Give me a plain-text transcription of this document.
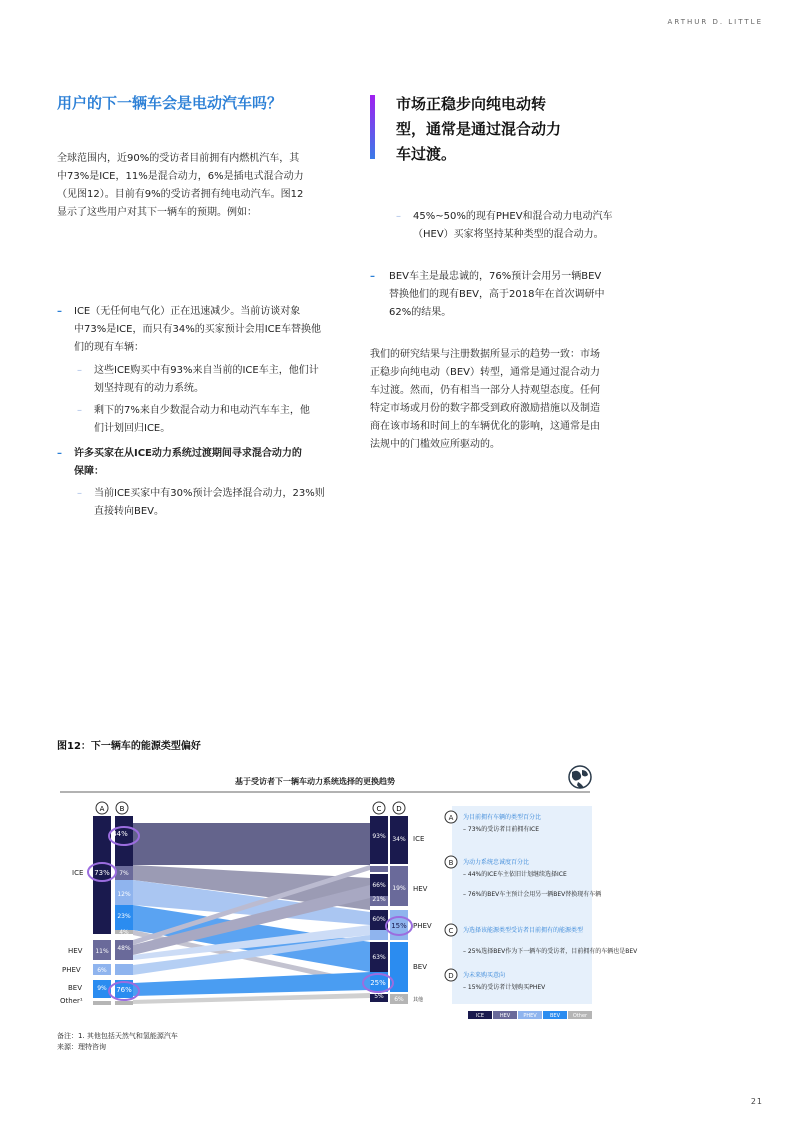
ARTHUR D. LITTLE
用户的下一辆车会是电动汽车吗？
全球范围内，近90%的受访者目前拥有内燃机汽车，其
中73%是ICE，11%是混合动力，6%是插电式混合动力
（见图12）。目前有9%的受访者拥有纯电动汽车。图12
显示了这些用户对其下一辆车的预期。例如：
– ICE（无任何电气化）正在迅速减少。当前访谈对象
中73%是ICE，而只有34%的买家预计会用ICE车替换他
们的现有车辆：
– 这些ICE购买中有93%来自当前的ICE车主，他们计
划坚持现有的动力系统。
– 剩下的7%来自少数混合动力和电动汽车车主，他
们计划回归ICE。
– 许多买家在从ICE动力系统过渡期间寻求混合动力的
保障：
– 当前ICE买家中有30%预计会选择混合动力，23%则
直接转向BEV。
市场正稳步向纯电动转
型，通常是通过混合动力
车过渡。
– 45%~50%的现有PHEV和混合动力电动汽车
（HEV）买家将坚持某种类型的混合动力。
– BEV车主是最忠诚的，76%预计会用另一辆BEV
替换他们的现有BEV，高于2018年在首次调研中
62%的结果。
我们的研究结果与注册数据所显示的趋势一致：市场
正稳步向纯电动（BEV）转型，通常是通过混合动力
车过渡。然而，仍有相当一部分人持观望态度。任何
特定市场或月份的数字都受到政府激励措施以及制造
商在该市场和时间上的车辆优化的影响，这通常是由
法规中的门槛效应所驱动的。
图12：下一辆车的能源类型偏好
基于受访者下一辆车动力系统选择的更换趋势
A B	C D
ICE
HEV
PHEV
BEV
Other¹
73%
11%
6%
9%
44%
7%
12%
23%
4%
48%
76%
93%
66%
21%
60%
63%
5%
34%
19%
15%
6%
25%
ICE
HEV
PHEV
BEV
其他
A 为目前拥有车辆的类型百分比
– 73%的受访者目前拥有ICE
B 为动力系统忠诚度百分比
– 44%的ICE车主依旧计划继续选择ICE
– 76%的BEV车主预计会用另一辆BEV替换现有车辆
C 为选择该能源类型受访者目前拥有的能源类型
– 25%选择BEV作为下一辆车的受访者，目前拥有的车辆也是BEV
D 为未来购买意向
– 15%的受访者计划购买PHEV
ICE	HEV	PHEV	BEV	Other
备注：1. 其他包括天然气和氢能源汽车
来源：理特咨询
21
